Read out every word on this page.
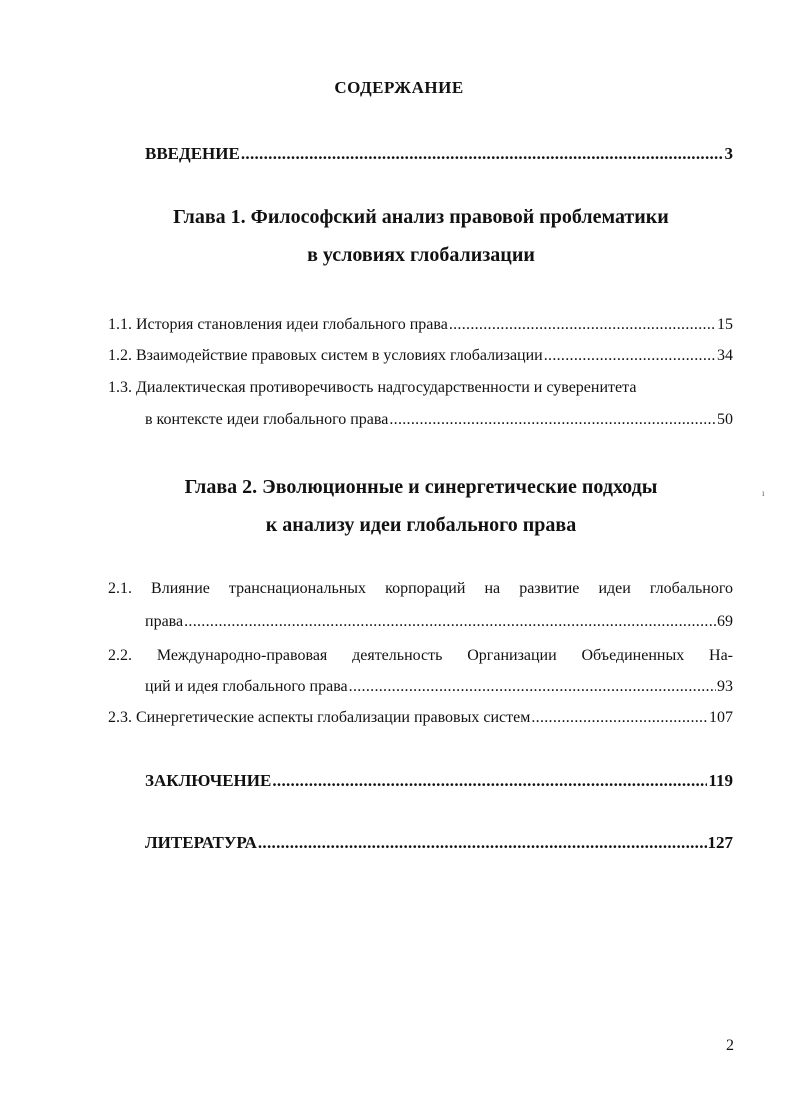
СОДЕРЖАНИЕ
ВВЕДЕНИЕ .....	3
Глава 1. Философский анализ правовой проблематики
в условиях глобализации
1.1. История становления идеи глобального права .....	15
1.2. Взаимодействие правовых систем в условиях глобализации .....	34
1.3. Диалектическая противоречивость надгосударственности и суверенитета
в контексте идеи глобального права .....	50
Глава 2. Эволюционные и синергетические подходы
к анализу идеи глобального права
2.1. Влияние транснациональных корпораций на развитие идеи глобального
права .....	69
2.2. Международно-правовая деятельность Организации Объединенных На-
ций и идея глобального права .....	93
2.3. Синергетические аспекты глобализации правовых систем .....	107
ЗАКЛЮЧЕНИЕ .....	119
ЛИТЕРАТУРА .....	127
ı
2
